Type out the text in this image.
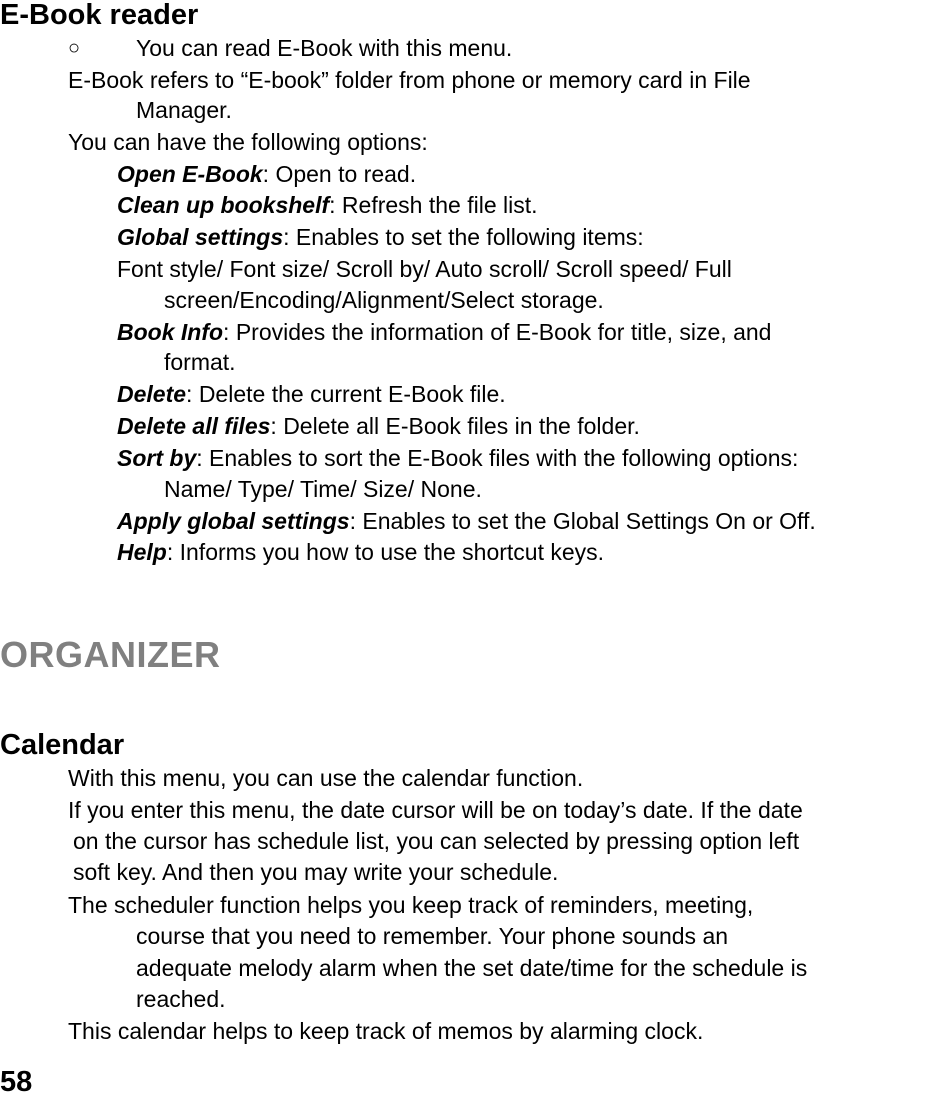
E-Book reader
○ You can read E-Book with this menu.
E-Book refers to “E-book” folder from phone or memory card in File
Manager.
You can have the following options:
Open E-Book: Open to read.
Clean up bookshelf: Refresh the file list.
Global settings: Enables to set the following items:
Font style/ Font size/ Scroll by/ Auto scroll/ Scroll speed/ Full
screen/Encoding/Alignment/Select storage.
Book Info: Provides the information of E-Book for title, size, and
format.
Delete: Delete the current E-Book file.
Delete all files: Delete all E-Book files in the folder.
Sort by: Enables to sort the E-Book files with the following options:
Name/ Type/ Time/ Size/ None.
Apply global settings: Enables to set the Global Settings On or Off.
Help: Informs you how to use the shortcut keys.
ORGANIZER
Calendar
With this menu, you can use the calendar function.
If you enter this menu, the date cursor will be on today’s date. If the date
on the cursor has schedule list, you can selected by pressing option left
soft key. And then you may write your schedule.
The scheduler function helps you keep track of reminders, meeting,
course that you need to remember. Your phone sounds an
adequate melody alarm when the set date/time for the schedule is
reached.
This calendar helps to keep track of memos by alarming clock.
58
